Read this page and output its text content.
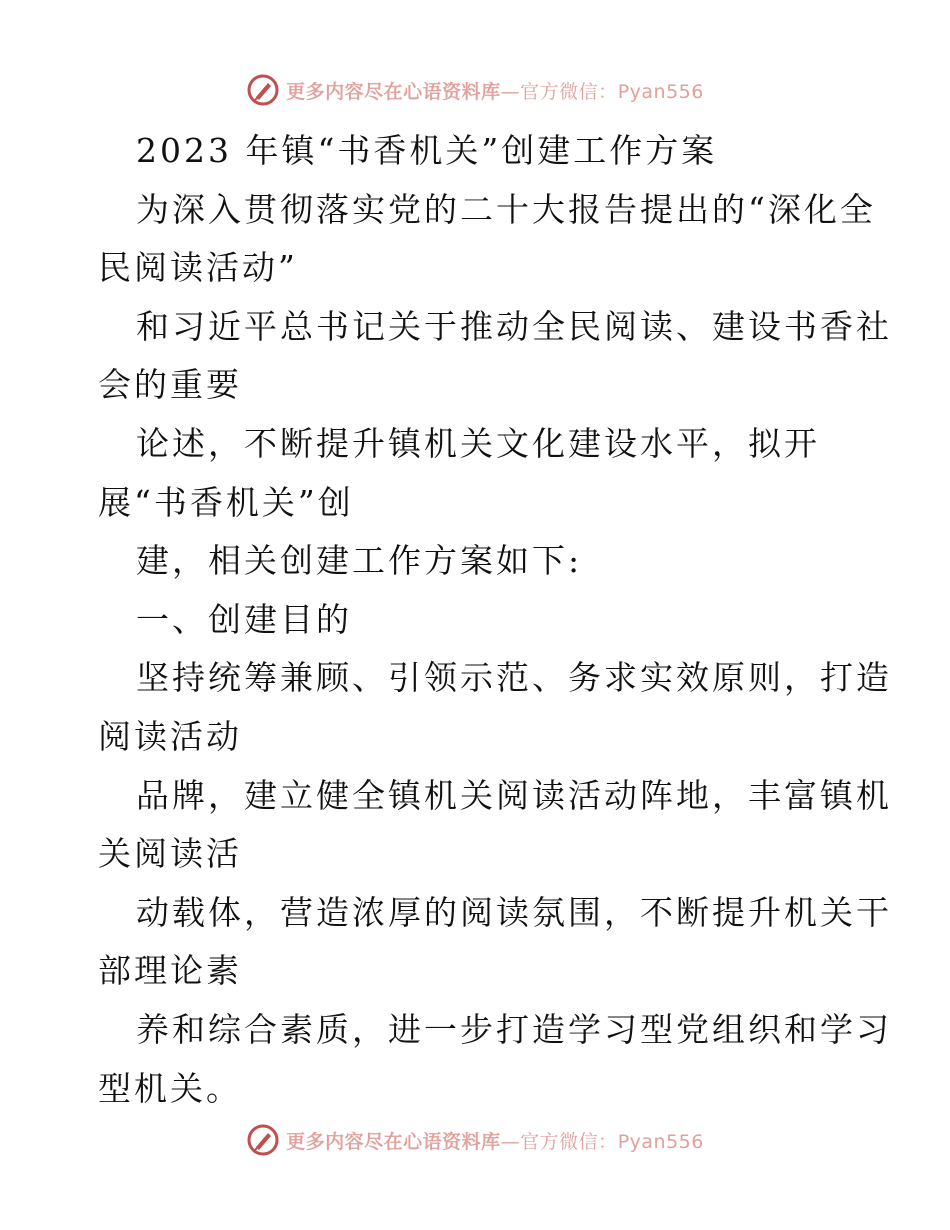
更多内容尽在心语资料库—官方微信：Pyan556
2023 年镇“书香机关”创建工作方案
为深入贯彻落实党的二十大报告提出的“深化全
民阅读活动”
和习近平总书记关于推动全民阅读、建设书香社
会的重要
论述，不断提升镇机关文化建设水平，拟开
展“书香机关”创
建，相关创建工作方案如下:
一、创建目的
坚持统筹兼顾、引领示范、务求实效原则，打造
阅读活动
品牌，建立健全镇机关阅读活动阵地，丰富镇机
关阅读活
动载体，营造浓厚的阅读氛围，不断提升机关干
部理论素
养和综合素质，进一步打造学习型党组织和学习
型机关。
更多内容尽在心语资料库—官方微信：Pyan556
